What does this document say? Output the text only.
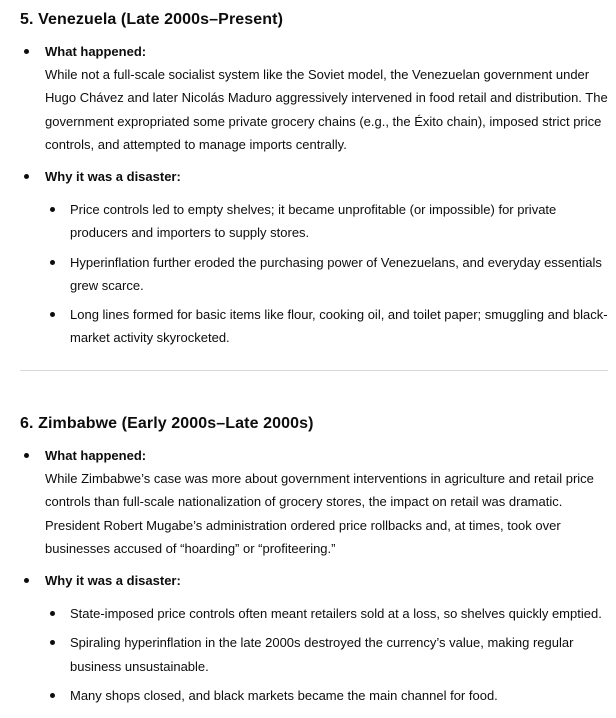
5. Venezuela (Late 2000s–Present)
What happened:
While not a full-scale socialist system like the Soviet model, the Venezuelan government under Hugo Chávez and later Nicolás Maduro aggressively intervened in food retail and distribution. The government expropriated some private grocery chains (e.g., the Éxito chain), imposed strict price controls, and attempted to manage imports centrally.
Why it was a disaster:
Price controls led to empty shelves; it became unprofitable (or impossible) for private producers and importers to supply stores.
Hyperinflation further eroded the purchasing power of Venezuelans, and everyday essentials grew scarce.
Long lines formed for basic items like flour, cooking oil, and toilet paper; smuggling and black-market activity skyrocketed.
6. Zimbabwe (Early 2000s–Late 2000s)
What happened:
While Zimbabwe’s case was more about government interventions in agriculture and retail price controls than full-scale nationalization of grocery stores, the impact on retail was dramatic. President Robert Mugabe’s administration ordered price rollbacks and, at times, took over businesses accused of “hoarding” or “profiteering.”
Why it was a disaster:
State-imposed price controls often meant retailers sold at a loss, so shelves quickly emptied.
Spiraling hyperinflation in the late 2000s destroyed the currency’s value, making regular business unsustainable.
Many shops closed, and black markets became the main channel for food.
